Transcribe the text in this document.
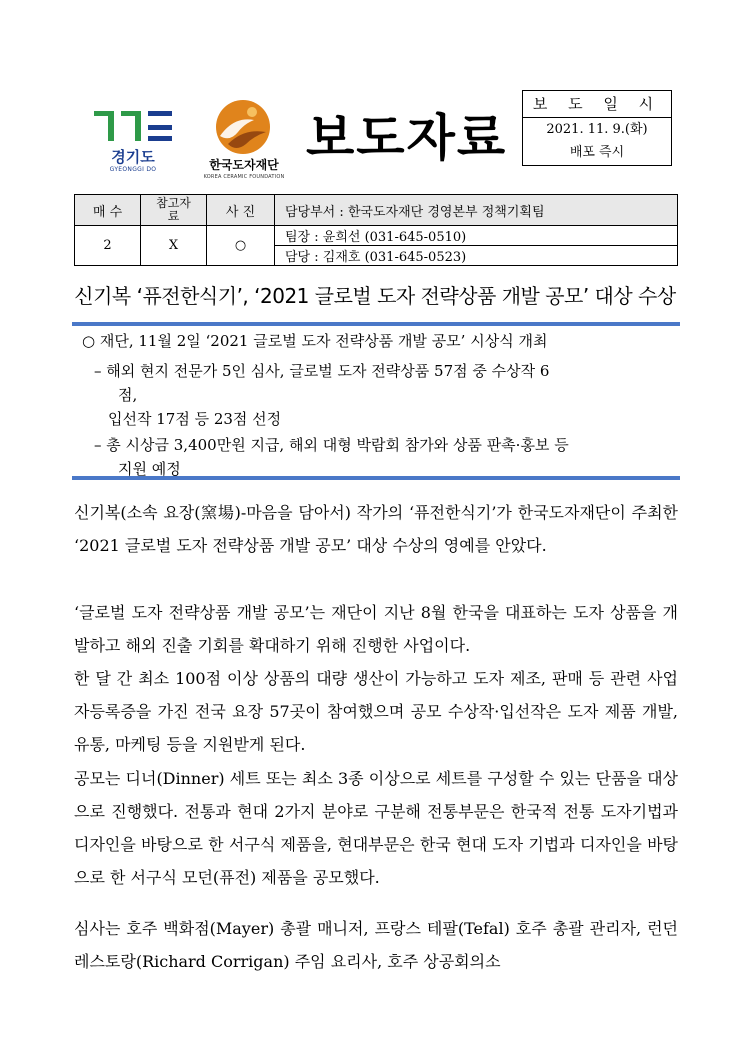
경기도
GYEONGGI DO	한국도자재단
KOREA CERAMIC FOUNDATION
보도자료
보 도 일 시
2021. 11. 9.(화)
배포 즉시
매 수	참고자료	사 진	담당부서 : 한국도자재단 경영본부 정책기획팀
2	X	○	팀장 : 윤희선 (031-645-0510)
			담당 : 김재호 (031-645-0523)
신기복 ‘퓨전한식기’, ‘2021 글로벌 도자 전략상품 개발 공모’ 대상 수상
○ 재단, 11월 2일 ‘2021 글로벌 도자 전략상품 개발 공모’ 시상식 개최
– 해외 현지 전문가 5인 심사, 글로벌 도자 전략상품 57점 중 수상작 6
점,
입선작 17점 등 23점 선정
– 총 시상금 3,400만원 지급, 해외 대형 박람회 참가와 상품 판촉·홍보 등
지원 예정
신기복(소속 요장(窯場)-마음을 담아서) 작가의 ‘퓨전한식기’가 한국도자재단이 주최한 ‘2021 글로벌 도자 전략상품 개발 공모’ 대상 수상의 영예를 안았다.
‘글로벌 도자 전략상품 개발 공모’는 재단이 지난 8월 한국을 대표하는 도자 상품을 개발하고 해외 진출 기회를 확대하기 위해 진행한 사업이다.
한 달 간 최소 100점 이상 상품의 대량 생산이 가능하고 도자 제조, 판매 등 관련 사업자등록증을 가진 전국 요장 57곳이 참여했으며 공모 수상작·입선작은 도자 제품 개발, 유통, 마케팅 등을 지원받게 된다.
공모는 디너(Dinner) 세트 또는 최소 3종 이상으로 세트를 구성할 수 있는 단품을 대상으로 진행했다. 전통과 현대 2가지 분야로 구분해 전통부문은 한국적 전통 도자기법과 디자인을 바탕으로 한 서구식 제품을, 현대부문은 한국 현대 도자 기법과 디자인을 바탕으로 한 서구식 모던(퓨전) 제품을 공모했다.
심사는 호주 백화점(Mayer) 총괄 매니저, 프랑스 테팔(Tefal) 호주 총괄 관리자, 런던 레스토랑(Richard Corrigan) 주임 요리사, 호주 상공회의소
